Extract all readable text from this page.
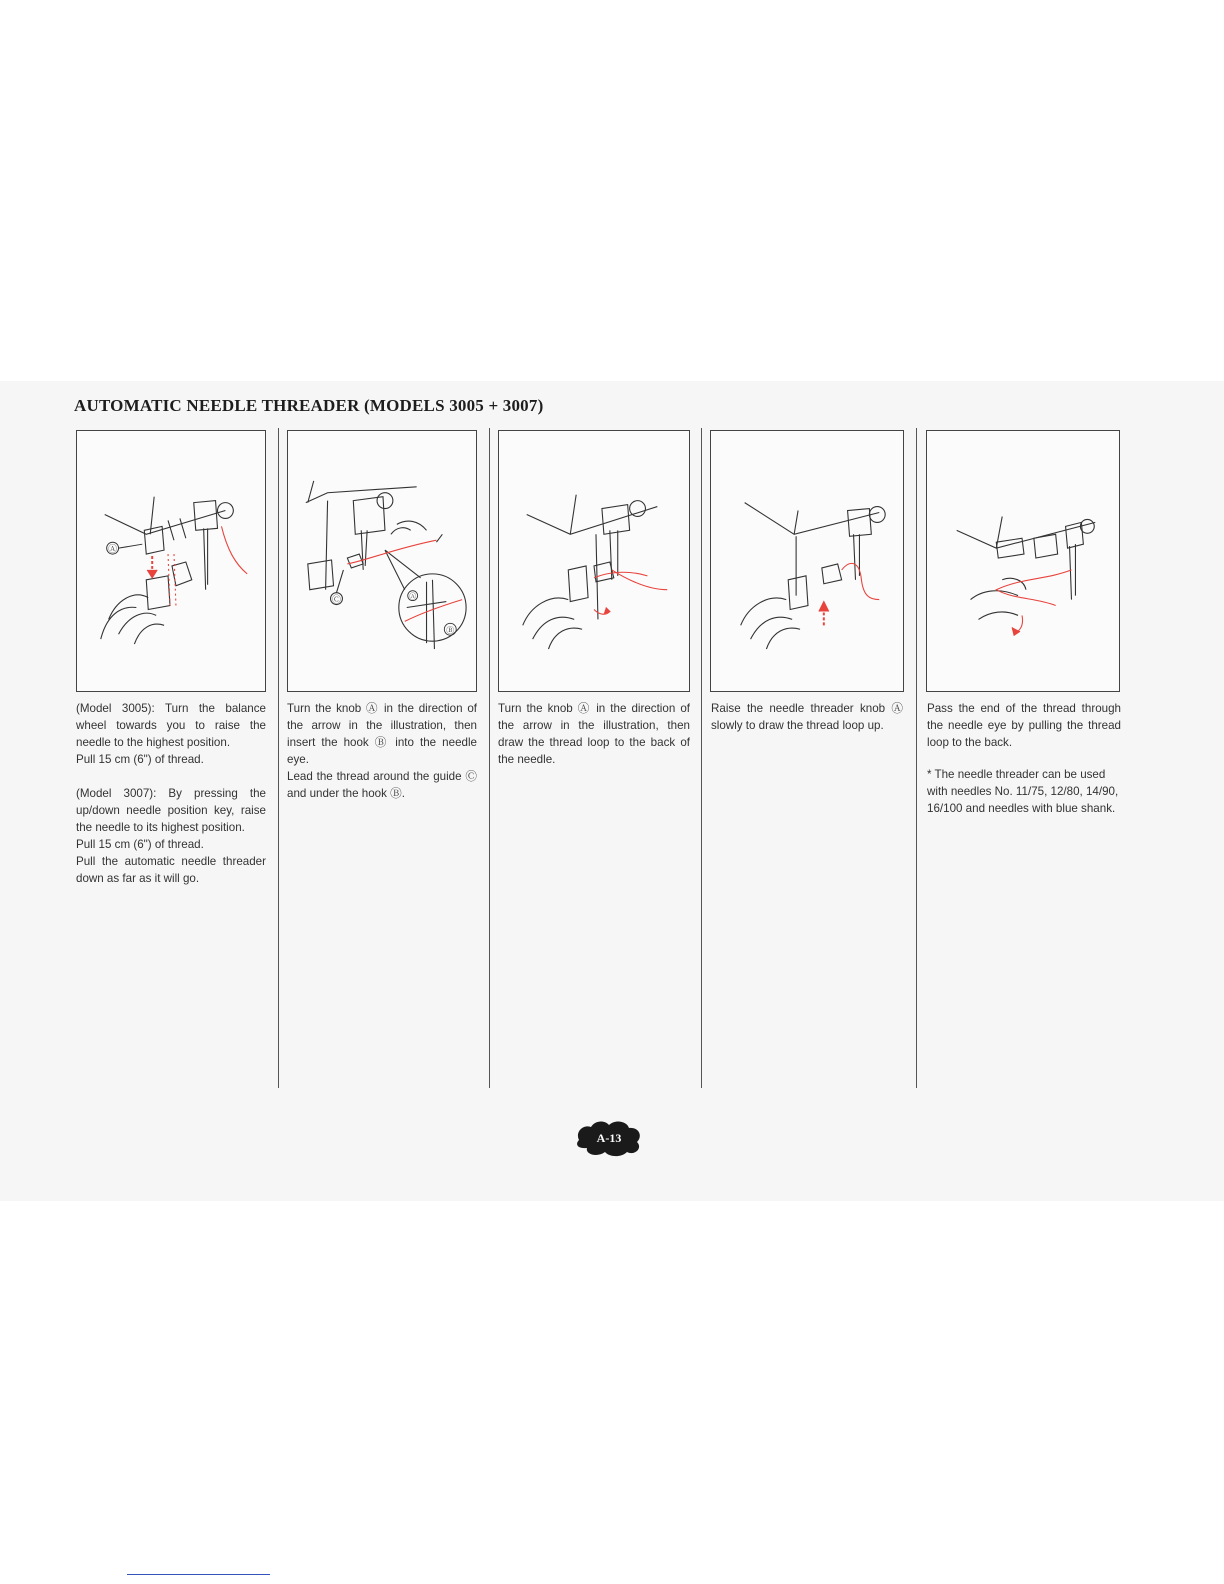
AUTOMATIC NEEDLE THREADER (MODELS 3005 + 3007)
Ⓐ
Ⓒ	Ⓐ
Ⓑ

(Model 3005): Turn the balance wheel towards you to raise the needle to the highest position.

Pull 15 cm (6") of thread.

(Model 3007): By pressing the up/down needle position key, raise the needle to its highest position.

Pull 15 cm (6") of thread.

Pull the automatic needle threader down as far as it will go.

Turn the knob Ⓐ in the direction of the arrow in the illustration, then insert the hook Ⓑ into the needle eye.

Lead the thread around the guide Ⓒ and under the hook Ⓑ.

Turn the knob Ⓐ in the direction of the arrow in the illustration, then draw the thread loop to the back of the needle.

Raise the needle threader knob Ⓐ slowly to draw the thread loop up.

Pass the end of the thread through the needle eye by pulling the thread loop to the back.

* The needle threader can be used with needles No. 11/75, 12/80, 14/90, 16/100 and needles with blue shank.

A-13
